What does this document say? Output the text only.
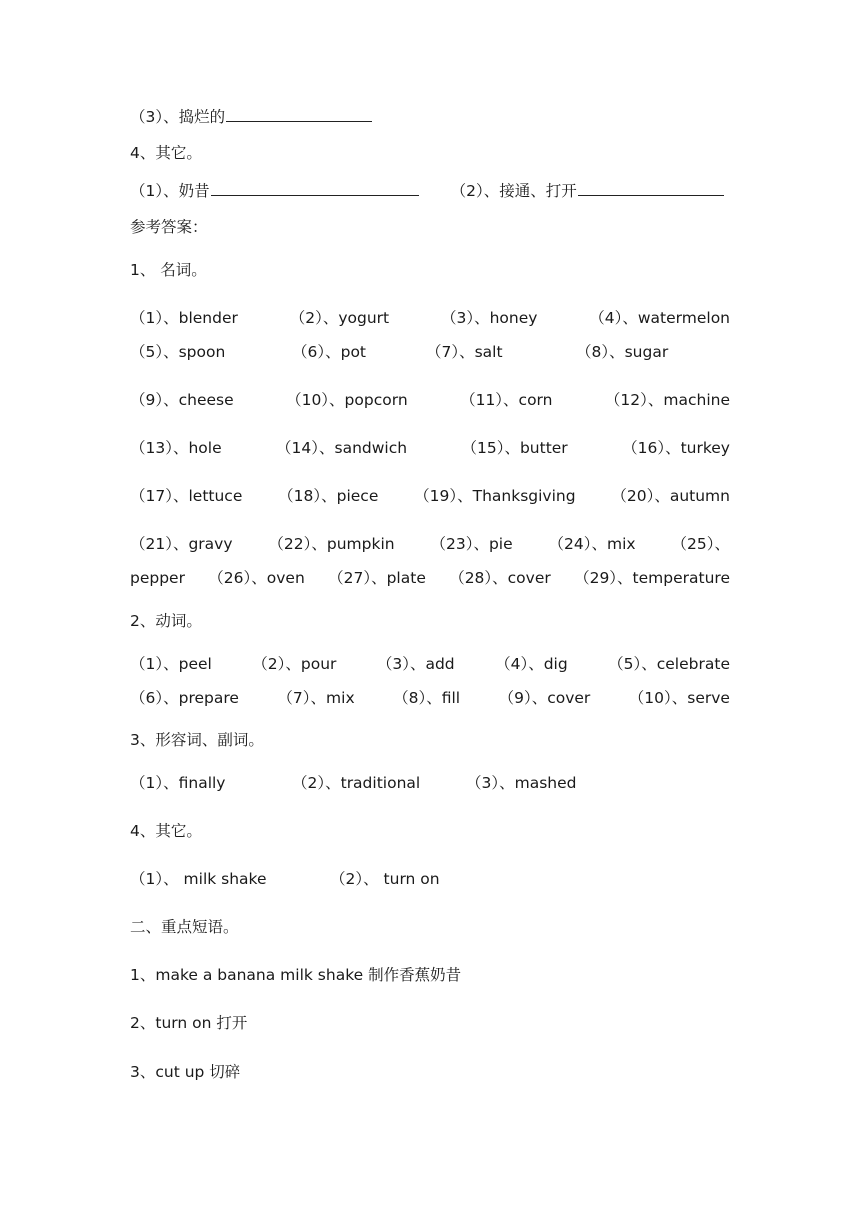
（3）、捣烂的
4、其它。
（1）、奶昔	（2）、接通、打开
参考答案：
1、 名词。
（1）、blender	（2）、yogurt	（3）、honey	（4）、watermelon
（5）、spoon	（6）、pot	（7）、salt	（8）、sugar
（9）、cheese	（10）、popcorn	（11）、corn	（12）、machine
（13）、hole	（14）、sandwich	（15）、butter	（16）、turkey
（17）、lettuce （18）、piece （19）、Thanksgiving （20）、autumn
（21）、gravy （22）、pumpkin （23）、pie （24）、mix （25）、
pepper （26）、oven （27）、plate （28）、cover （29）、temperature
2、动词。
（1）、peel	（2）、pour	（3）、add	（4）、dig	（5）、celebrate
（6）、prepare （7）、mix （8）、fill （9）、cover （10）、serve
3、形容词、副词。
（1）、finally	（2）、traditional	（3）、mashed
4、其它。
（1）、 milk shake	（2）、 turn on
二、重点短语。
1、make a banana milk shake 制作香蕉奶昔
2、turn on 打开
3、cut up 切碎
